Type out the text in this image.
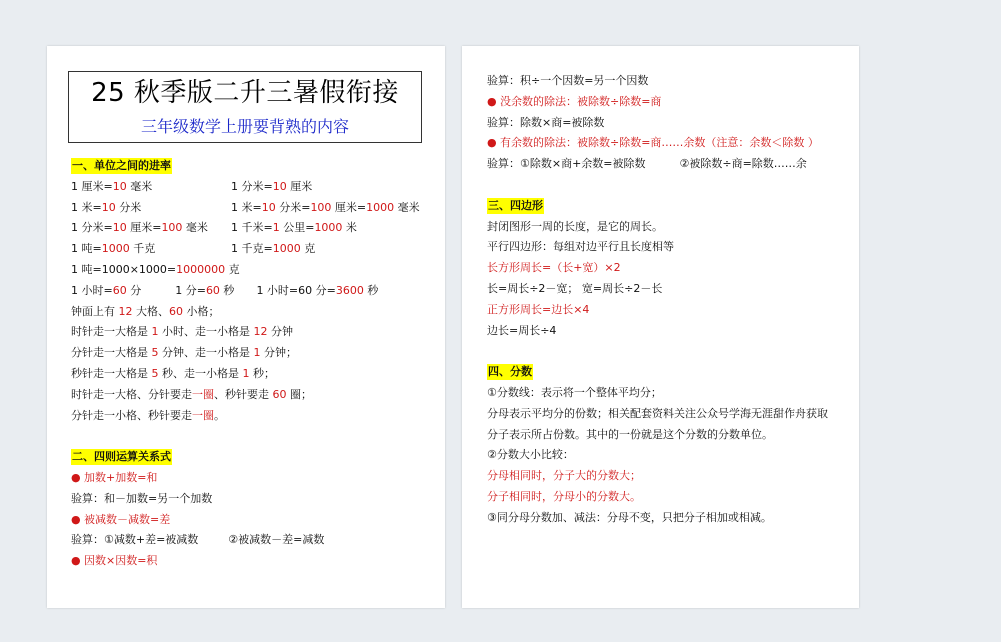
25 秋季版二升三暑假衔接
三年级数学上册要背熟的内容
一、单位之间的进率
1 厘米=10 毫米	1 分米=10 厘米
1 米=10 分米	1 米=10 分米=100 厘米=1000 毫米
1 分米=10 厘米=100 毫米 1 千米=1 公里=1000 米
1 吨=1000 千克	1 千克=1000 克
1 吨=1000×1000=1000000 克
1 小时=60 分	1 分=60 秒 1 小时=60 分=3600 秒
钟面上有 12 大格、60 小格；
时针走一大格是 1 小时、走一小格是 12 分钟
分针走一大格是 5 分钟、走一小格是 1 分钟；
秒针走一大格是 5 秒、走一小格是 1 秒；
时针走一大格、分针要走一圈、秒针要走 60 圈；
分针走一小格、秒针要走一圈。
二、四则运算关系式
● 加数+加数=和
验算：和－加数=另一个加数
● 被减数－减数=差
验算：①减数+差=被减数	②被减数－差=减数
● 因数×因数=积
验算：积÷一个因数=另一个因数
● 没余数的除法：被除数÷除数=商
验算：除数×商=被除数
● 有余数的除法：被除数÷除数=商……余数（注意：余数＜除数 ）
验算：①除数×商+余数=被除数	②被除数÷商=除数……余
三、四边形
封闭图形一周的长度，是它的周长。
平行四边形：每组对边平行且长度相等
长方形周长=（长+宽）×2
长=周长÷2－宽； 宽=周长÷2－长
正方形周长=边长×4
边长=周长÷4
四、分数
①分数线：表示将一个整体平均分；
分母表示平均分的份数；相关配套资料关注公众号学海无涯甜作舟获取
分子表示所占份数。其中的一份就是这个分数的分数单位。
②分数大小比较：
分母相同时，分子大的分数大；
分子相同时，分母小的分数大。
③同分母分数加、减法：分母不变，只把分子相加或相减。
